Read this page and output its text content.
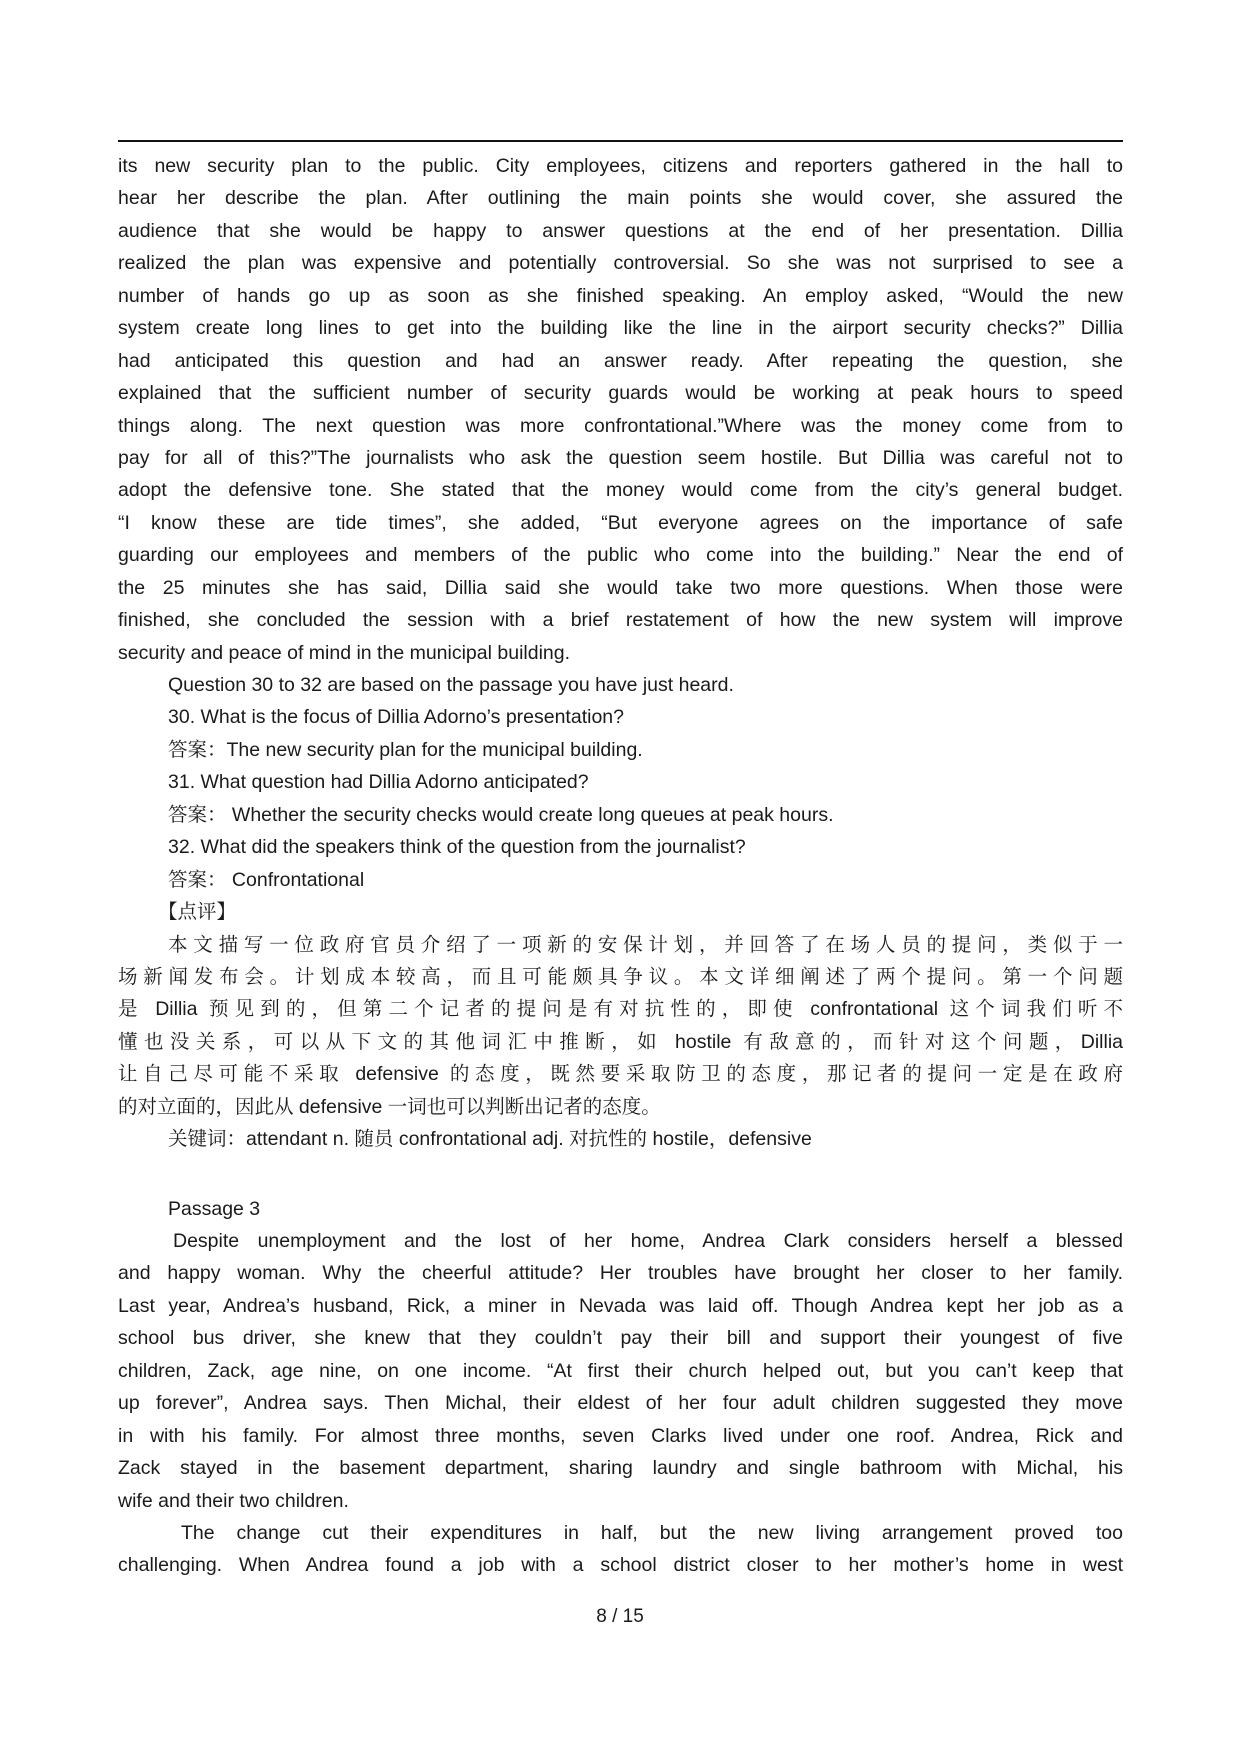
its new security plan to the public. City employees, citizens and reporters gathered in the hall to
hear her describe the plan. After outlining the main points she would cover, she assured the
audience that she would be happy to answer questions at the end of her presentation. Dillia
realized the plan was expensive and potentially controversial. So she was not surprised to see a
number of hands go up as soon as she finished speaking. An employ asked, “Would the new
system create long lines to get into the building like the line in the airport security checks?” Dillia
had anticipated this question and had an answer ready. After repeating the question, she
explained that the sufficient number of security guards would be working at peak hours to speed
things along. The next question was more confrontational.”Where was the money come from to
pay for all of this?”The journalists who ask the question seem hostile. But Dillia was careful not to
adopt the defensive tone. She stated that the money would come from the city’s general budget.
“I know these are tide times”, she added, “But everyone agrees on the importance of safe
guarding our employees and members of the public who come into the building.” Near the end of
the 25 minutes she has said, Dillia said she would take two more questions. When those were
finished, she concluded the session with a brief restatement of how the new system will improve
security and peace of mind in the municipal building.
Question 30 to 32 are based on the passage you have just heard.
30. What is the focus of Dillia Adorno’s presentation?
答案：The new security plan for the municipal building.
31. What question had Dillia Adorno anticipated?
答案： Whether the security checks would create long queues at peak hours.
32. What did the speakers think of the question from the journalist?
答案： Confrontational
【点评】
本文描写一位政府官员介绍了一项新的安保计划，并回答了在场人员的提问，类似于一
场新闻发布会。计划成本较高，而且可能颇具争议。本文详细阐述了两个提问。第一个问题
是 Dillia 预见到的，但第二个记者的提问是有对抗性的，即使 confrontational 这个词我们听不
懂也没关系，可以从下文的其他词汇中推断，如 hostile 有敌意的，而针对这个问题，Dillia
让自己尽可能不采取 defensive 的态度，既然要采取防卫的态度，那记者的提问一定是在政府
的对立面的，因此从 defensive 一词也可以判断出记者的态度。
关键词：attendant n. 随员 confrontational adj. 对抗性的 hostile，defensive
Passage 3
Despite unemployment and the lost of her home, Andrea Clark considers herself a blessed
and happy woman. Why the cheerful attitude? Her troubles have brought her closer to her family.
Last year, Andrea’s husband, Rick, a miner in Nevada was laid off. Though Andrea kept her job as a
school bus driver, she knew that they couldn’t pay their bill and support their youngest of five
children, Zack, age nine, on one income. “At first their church helped out, but you can’t keep that
up forever”, Andrea says. Then Michal, their eldest of her four adult children suggested they move
in with his family. For almost three months, seven Clarks lived under one roof. Andrea, Rick and
Zack stayed in the basement department, sharing laundry and single bathroom with Michal, his
wife and their two children.
The change cut their expenditures in half, but the new living arrangement proved too
challenging. When Andrea found a job with a school district closer to her mother’s home in west
8 / 15
